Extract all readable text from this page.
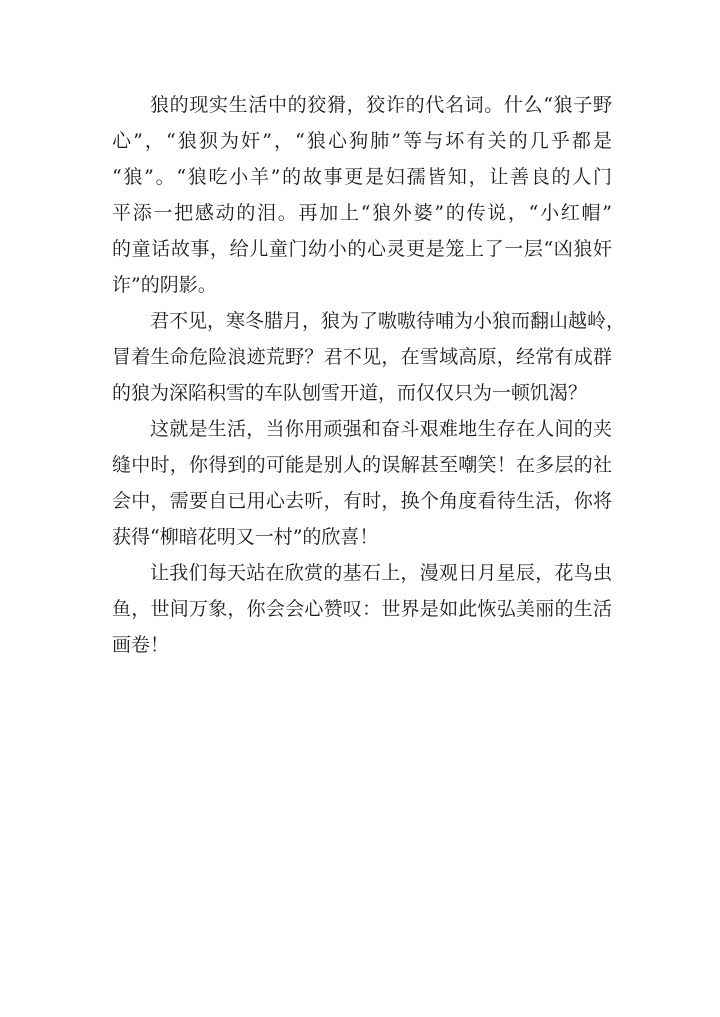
狼的现实生活中的狡猾，狡诈的代名词。什么“狼子野
心”，“狼狈为奸”，“狼心狗肺”等与坏有关的几乎都是
“狼”。“狼吃小羊”的故事更是妇孺皆知，让善良的人门
平添一把感动的泪。再加上“狼外婆”的传说，“小红帽”
的童话故事，给儿童门幼小的心灵更是笼上了一层“凶狼奸
诈”的阴影。
君不见，寒冬腊月，狼为了嗷嗷待哺为小狼而翻山越岭，
冒着生命危险浪迹荒野？君不见，在雪域高原，经常有成群
的狼为深陷积雪的车队刨雪开道，而仅仅只为一顿饥渴？
这就是生活，当你用顽强和奋斗艰难地生存在人间的夹
缝中时，你得到的可能是别人的误解甚至嘲笑！在多层的社
会中，需要自已用心去听，有时，换个角度看待生活，你将
获得“柳暗花明又一村”的欣喜！
让我们每天站在欣赏的基石上，漫观日月星辰，花鸟虫
鱼，世间万象，你会会心赞叹：世界是如此恢弘美丽的生活
画卷！
